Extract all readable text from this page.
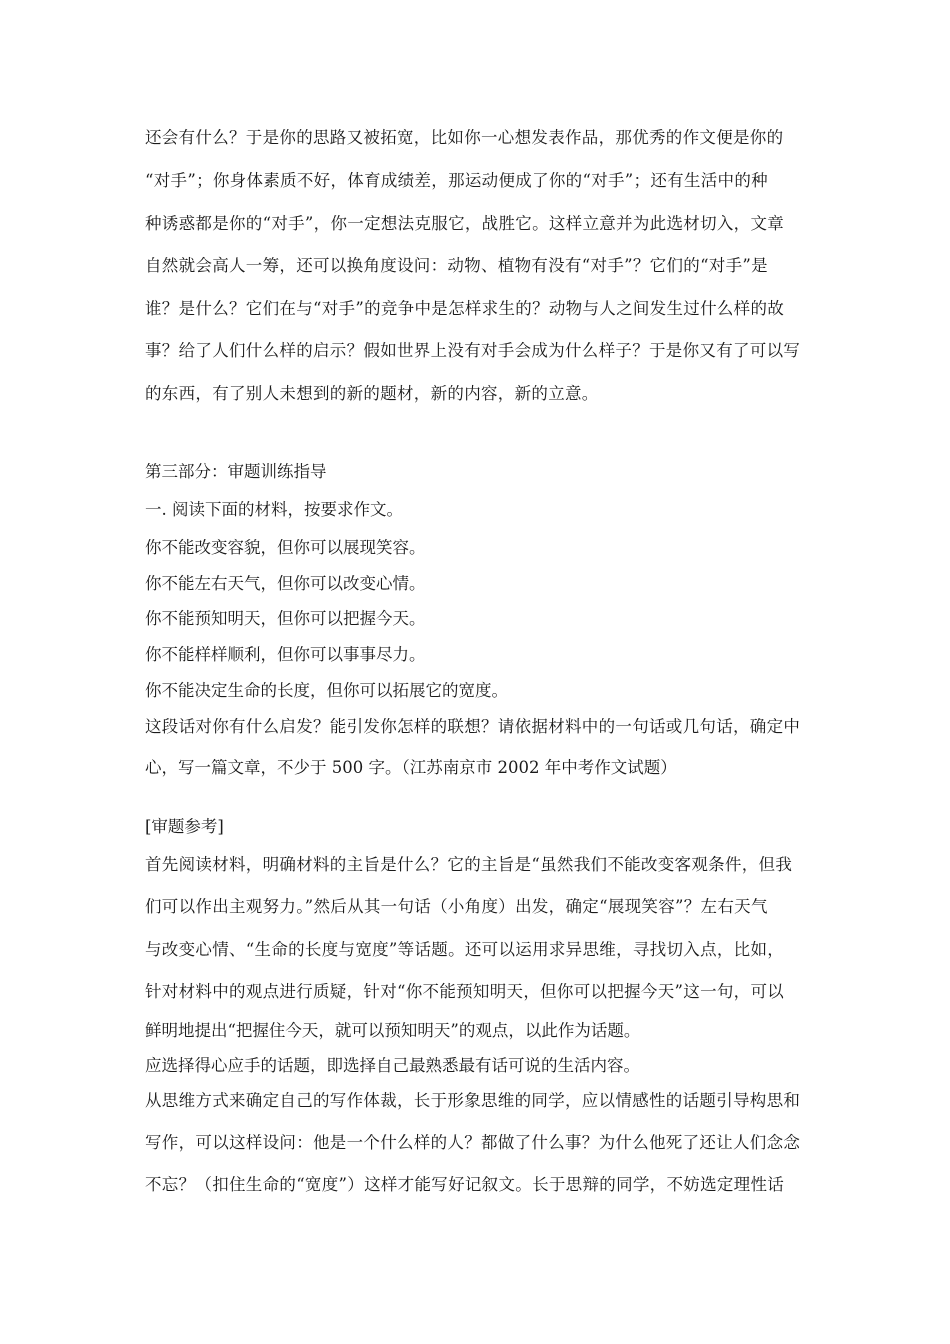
还会有什么？于是你的思路又被拓宽，比如你一心想发表作品，那优秀的作文便是你的
“对手”；你身体素质不好，体育成绩差，那运动便成了你的“对手”；还有生活中的种
种诱惑都是你的“对手”，你一定想法克服它，战胜它。这样立意并为此选材切入，文章
自然就会高人一筹，还可以换角度设问：动物、植物有没有“对手”？它们的“对手”是
谁？是什么？它们在与“对手”的竞争中是怎样求生的？动物与人之间发生过什么样的故
事？给了人们什么样的启示？假如世界上没有对手会成为什么样子？于是你又有了可以写
的东西，有了别人未想到的新的题材，新的内容，新的立意。
第三部分：审题训练指导
一. 阅读下面的材料，按要求作文。
你不能改变容貌，但你可以展现笑容。
你不能左右天气，但你可以改变心情。
你不能预知明天，但你可以把握今天。
你不能样样顺利，但你可以事事尽力。
你不能决定生命的长度，但你可以拓展它的宽度。
这段话对你有什么启发？能引发你怎样的联想？请依据材料中的一句话或几句话，确定中
心，写一篇文章，不少于 500 字。（江苏南京市 2002 年中考作文试题）
[审题参考]
首先阅读材料，明确材料的主旨是什么？它的主旨是“虽然我们不能改变客观条件，但我
们可以作出主观努力。”然后从其一句话（小角度）出发，确定“展现笑容”？左右天气
与改变心情、“生命的长度与宽度”等话题。还可以运用求异思维，寻找切入点，比如，
针对材料中的观点进行质疑，针对“你不能预知明天，但你可以把握今天”这一句，可以
鲜明地提出“把握住今天，就可以预知明天”的观点，以此作为话题。
应选择得心应手的话题，即选择自己最熟悉最有话可说的生活内容。
从思维方式来确定自己的写作体裁，长于形象思维的同学，应以情感性的话题引导构思和
写作，可以这样设问：他是一个什么样的人？都做了什么事？为什么他死了还让人们念念
不忘？（扣住生命的“宽度”）这样才能写好记叙文。长于思辩的同学，不妨选定理性话
